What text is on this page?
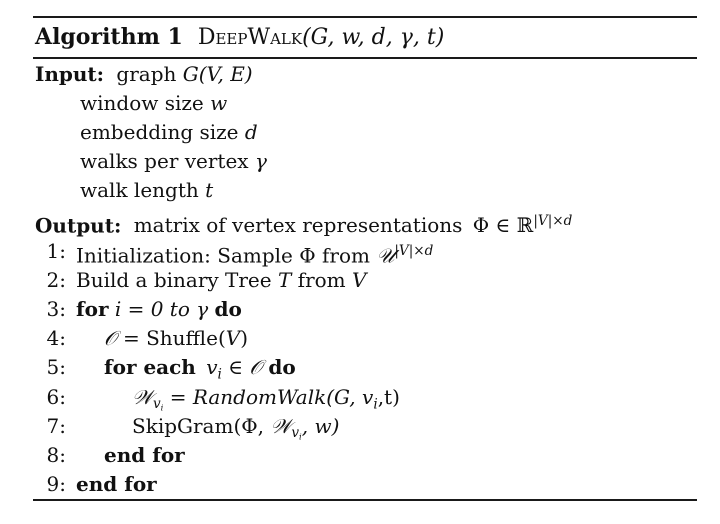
Algorithm 1 DeepWalk(G, w, d, γ, t)
Input: graph G(V, E)
window size w
embedding size d
walks per vertex γ
walk length t
Output: matrix of vertex representations Φ ∈ ℝ$^{|V|\times d}$
1: Initialization: Sample Φ from 𝒰$^{|V|\times d}$
2: Build a binary Tree T from V
3: for i = 0 to γ do
4: 𝒪 = Shuffle(V)
5: for each $v_i$ ∈ 𝒪 do
6:	𝒲$_{vi}$ = RandomWalk(G, $v_i,t$)
7:	SkipGram(Φ, 𝒲$_{vi}$, w)
8: end for
9: end for
